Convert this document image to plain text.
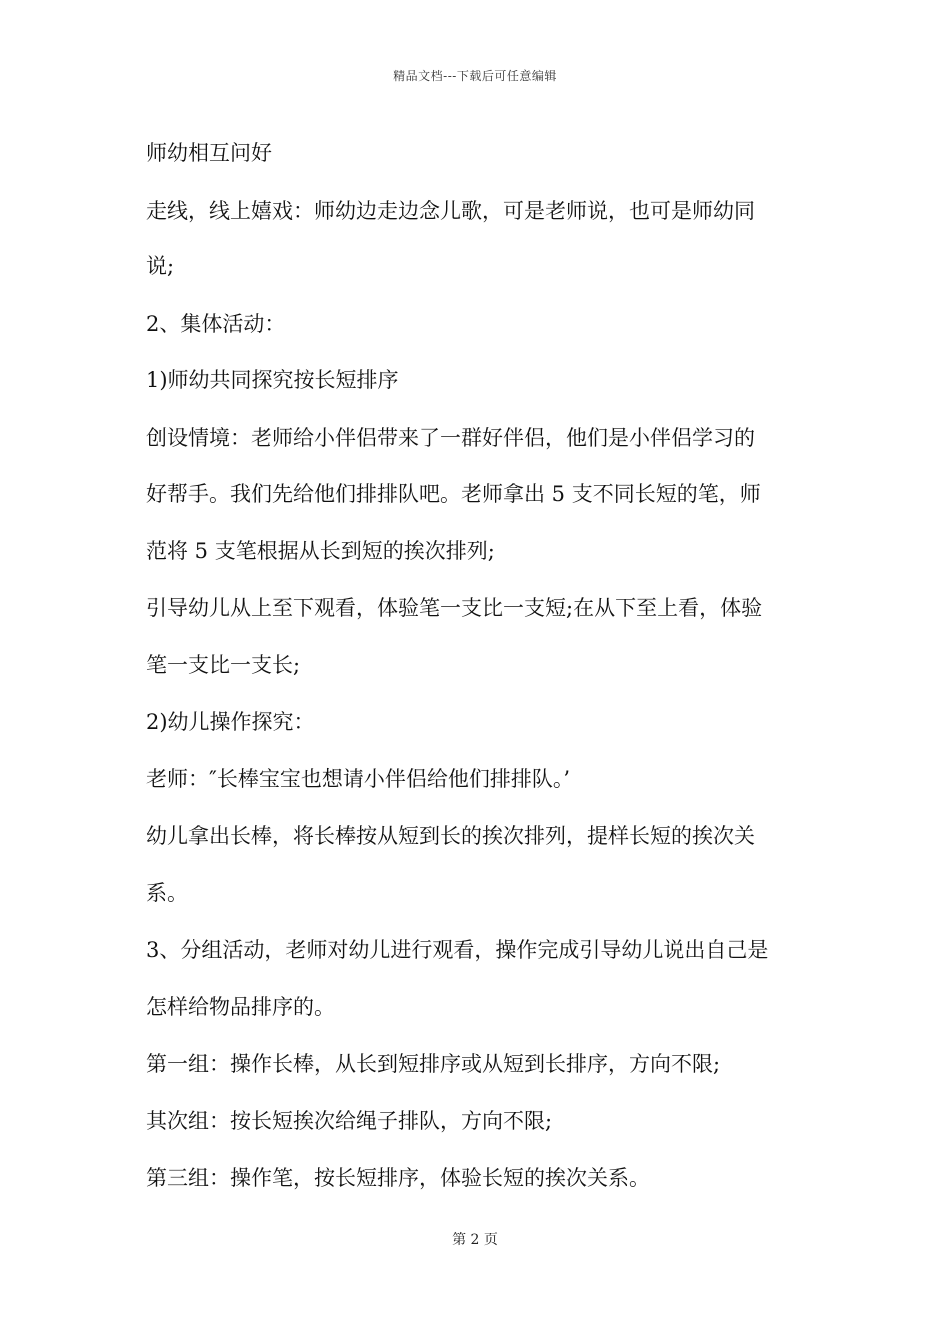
精品文档---下载后可任意编辑
师幼相互问好
走线，线上嬉戏：师幼边走边念儿歌，可是老师说，也可是师幼同
说;
2、集体活动：
1)师幼共同探究按长短排序
创设情境：老师给小伴侣带来了一群好伴侣，他们是小伴侣学习的
好帮手。我们先给他们排排队吧。老师拿出 5 支不同长短的笔，师
范将 5 支笔根据从长到短的挨次排列;
引导幼儿从上至下观看，体验笔一支比一支短;在从下至上看，体验
笔一支比一支长;
2)幼儿操作探究：
老师：″长棒宝宝也想请小伴侣给他们排排队。’
幼儿拿出长棒，将长棒按从短到长的挨次排列，提样长短的挨次关
系。
3、分组活动，老师对幼儿进行观看，操作完成引导幼儿说出自己是
怎样给物品排序的。
第一组：操作长棒，从长到短排序或从短到长排序，方向不限;
其次组：按长短挨次给绳子排队，方向不限;
第三组：操作笔，按长短排序，体验长短的挨次关系。
第 2 页
